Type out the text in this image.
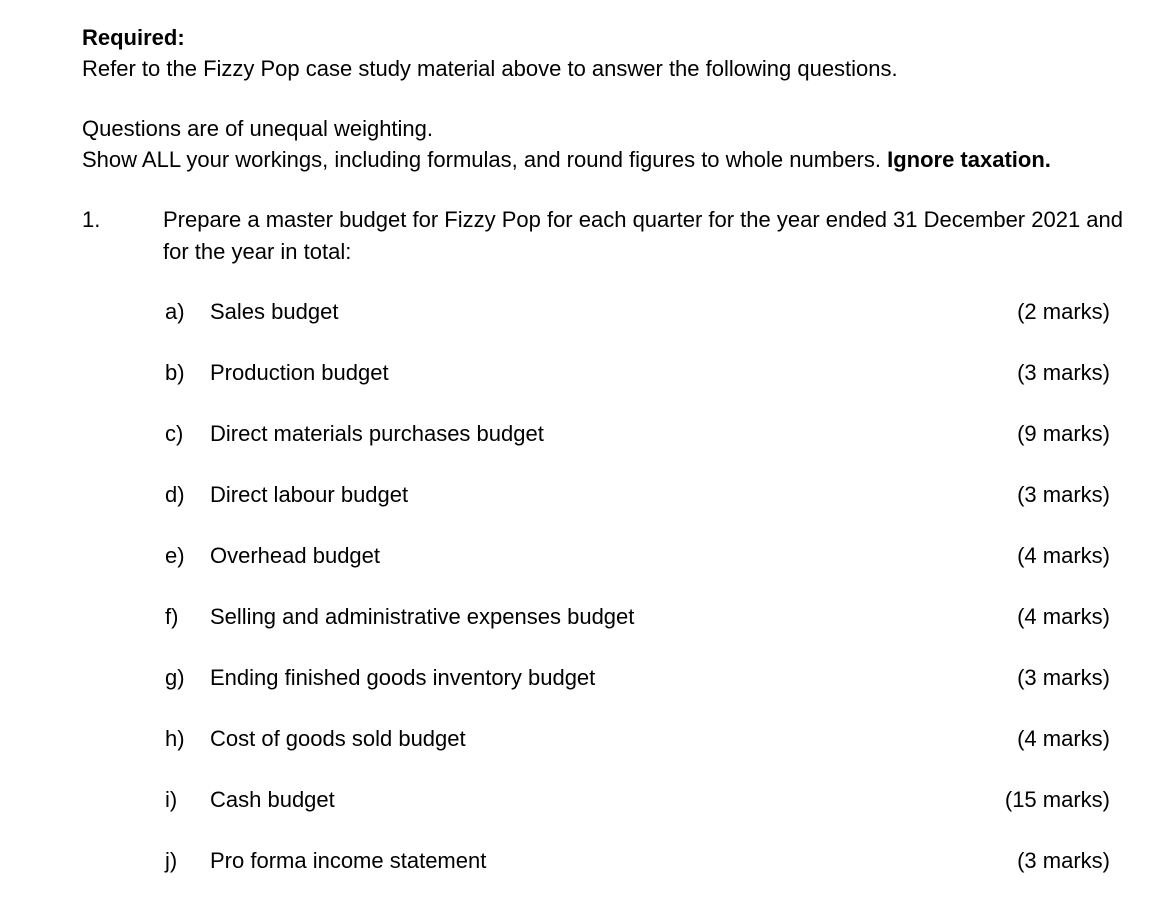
Required:
Refer to the Fizzy Pop case study material above to answer the following questions.
Questions are of unequal weighting.
Show ALL your workings, including formulas, and round figures to whole numbers. Ignore taxation.
1.	Prepare a master budget for Fizzy Pop for each quarter for the year ended 31 December 2021 and for the year in total:
a) Sales budget	(2 marks)
b) Production budget	(3 marks)
c) Direct materials purchases budget	(9 marks)
d) Direct labour budget	(3 marks)
e) Overhead budget	(4 marks)
f) Selling and administrative expenses budget	(4 marks)
g) Ending finished goods inventory budget	(3 marks)
h) Cost of goods sold budget	(4 marks)
i) Cash budget	(15 marks)
j) Pro forma income statement	(3 marks)
